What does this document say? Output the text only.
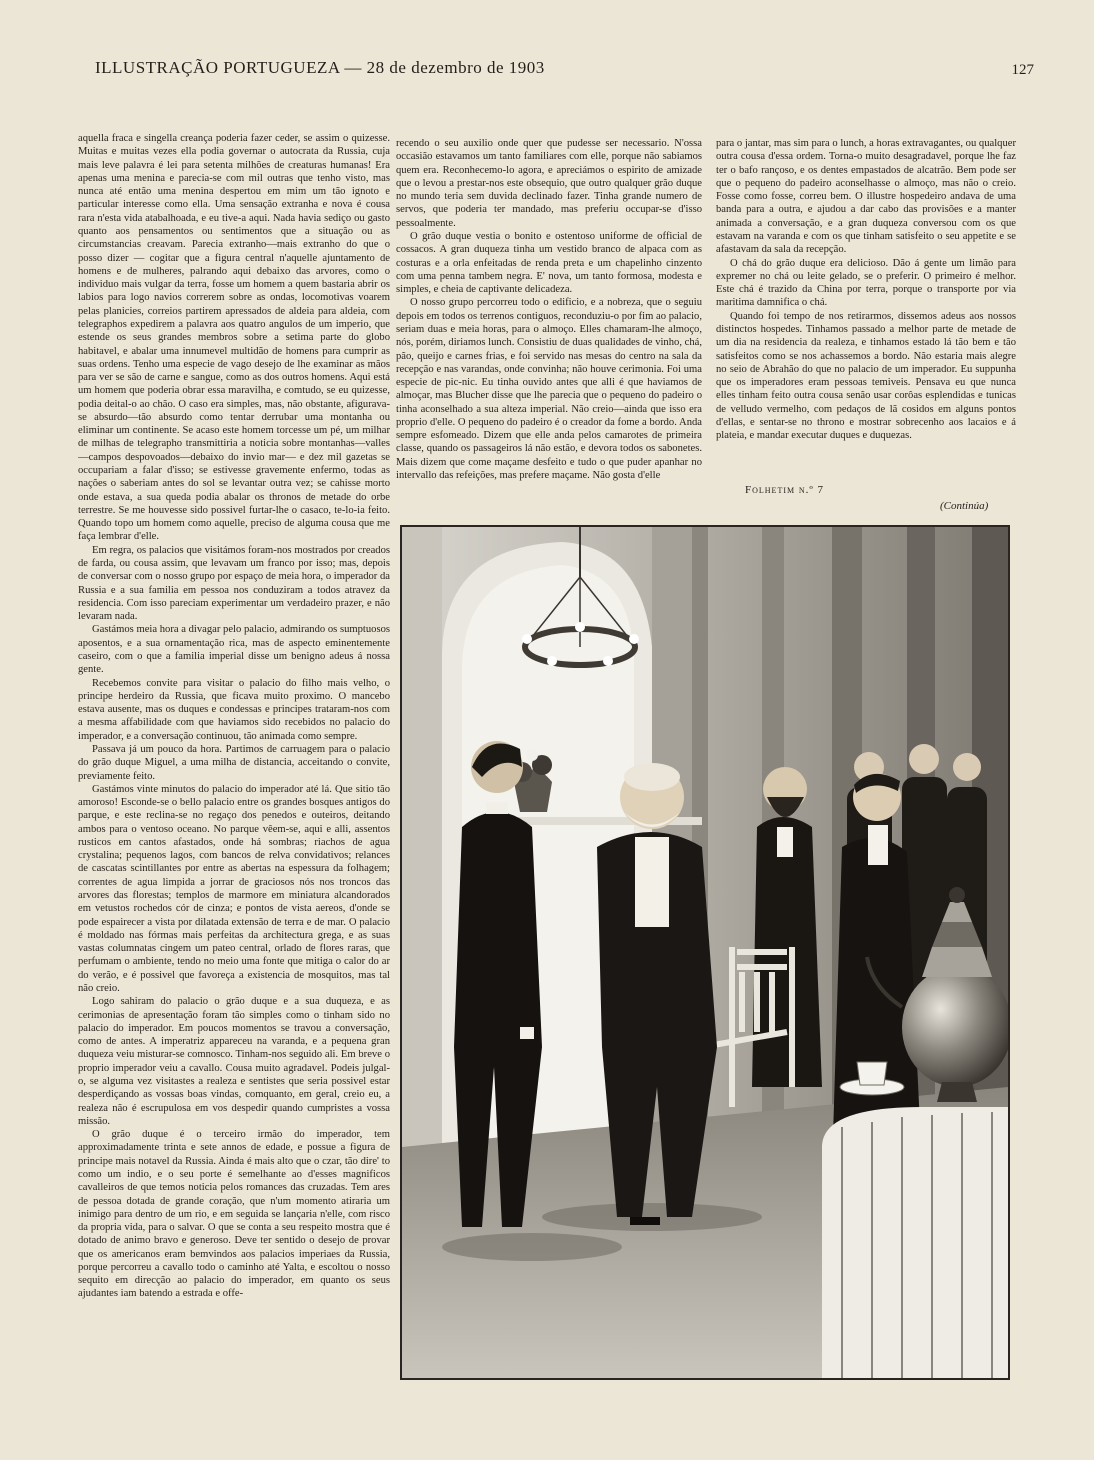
ILLUSTRAÇÃO PORTUGUEZA — 28 de dezembro de 1903	127

aquella fraca e singella creança poderia fazer ceder, se assim o quizesse. Muitas e muitas vezes ella podia governar o autocrata da Russia, cuja mais leve palavra é lei para setenta milhões de creaturas humanas! Era apenas uma menina e parecia-se com mil outras que tenho visto, mas nunca até então uma menina despertou em mim um tão ignoto e particular interesse como ella. Uma sensação extranha e nova é cousa rara n'esta vida atabalhoada, e eu tive-a aqui. Nada havia sediço ou gasto quanto aos pensamentos ou sentimentos que a situação ou as circumstancias creavam. Parecia extranho—mais extranho do que o posso dizer — cogitar que a figura central n'aquelle ajuntamento de homens e de mulheres, palrando aqui debaixo das arvores, como o individuo mais vulgar da terra, fosse um homem a quem bastaria abrir os labios para logo navios correrem sobre as ondas, locomotivas voarem pelas planicies, correios partirem apressados de aldeia para aldeia, com telegraphos expedirem a palavra aos quatro angulos de um imperio, que estende os seus grandes membros sobre a setima parte do globo habitavel, e abalar uma innumevel multidão de homens para cumprir as suas ordens. Tenho uma especie de vago desejo de lhe examinar as mãos para ver se são de carne e sangue, como as dos outros homens. Aqui está um homem que poderia obrar essa maravilha, e comtudo, se eu quizesse, podia deital-o ao chão. O caso era simples, mas, não obstante, afigurava-se absurdo—tão absurdo como tentar derrubar uma montanha ou eliminar um continente. Se acaso este homem torcesse um pé, um milhar de milhas de telegrapho transmittiria a noticia sobre montanhas—valles—campos despovoados—debaixo do invio mar— e dez mil gazetas se occupariam a falar d'isso; se estivesse gravemente enfermo, todas as nações o saberiam antes do sol se levantar outra vez; se cahisse morto onde estava, a sua queda podia abalar os thronos de metade do orbe terrestre. Se me houvesse sido possivel furtar-lhe o casaco, te-lo-ia feito. Quando topo um homem como aquelle, preciso de alguma cousa que me faça lembrar d'elle.

Em regra, os palacios que visitámos foram-nos mostrados por creados de farda, ou cousa assim, que levavam um franco por isso; mas, depois de conversar com o nosso grupo por espaço de meia hora, o imperador da Russia e a sua familia em pessoa nos conduziram a todos atravez da residencia. Com isso pareciam experimentar um verdadeiro prazer, e não levaram nada.

Gastámos meia hora a divagar pelo palacio, admirando os sumptuosos aposentos, e a sua ornamentação rica, mas de aspecto eminentemente caseiro, com o que a familia imperial disse um benigno adeus á nossa gente.

Recebemos convite para visitar o palacio do filho mais velho, o principe herdeiro da Russia, que ficava muito proximo. O mancebo estava ausente, mas os duques e condessas e principes trataram-nos com a mesma affabilidade com que haviamos sido recebidos no palacio do imperador, e a conversação continuou, tão animada como sempre.

Passava já um pouco da hora. Partimos de carruagem para o palacio do grão duque Miguel, a uma milha de distancia, acceitando o convite, previamente feito.

Gastámos vinte minutos do palacio do imperador até lá. Que sitio tão amoroso! Esconde-se o bello palacio entre os grandes bosques antigos do parque, e este reclina-se no regaço dos penedos e outeiros, deitando ambos para o ventoso oceano. No parque vêem-se, aqui e alli, assentos rusticos em cantos afastados, onde há sombras; riachos de agua crystalina; pequenos lagos, com bancos de relva convidativos; relances de cascatas scintillantes por entre as abertas na espessura da folhagem; correntes de agua limpida a jorrar de graciosos nós nos troncos das arvores das florestas; templos de marmore em miniatura alcandorados em vetustos rochedos cór de cinza; e pontos de vista aereos, d'onde se pode espairecer a vista por dilatada extensão de terra e de mar. O palacio é moldado nas fórmas mais perfeitas da architectura grega, e as suas vastas columnatas cingem um pateo central, orlado de flores raras, que perfumam o ambiente, tendo no meio uma fonte que mitiga o calor do ar do verão, e é possivel que favoreça a existencia de mosquitos, mas tal não creio.

Logo sahiram do palacio o grão duque e a sua duqueza, e as cerimonias de apresentação foram tão simples como o tinham sido no palacio do imperador. Em poucos momentos se travou a conversação, como de antes. A imperatriz appareceu na varanda, e a pequena gran duqueza veiu misturar-se comnosco. Tinham-nos seguido ali. Em breve o proprio imperador veiu a cavallo. Cousa muito agradavel. Podeis julgal-o, se alguma vez visitastes a realeza e sentistes que seria possivel estar desperdiçando as vossas boas vindas, comquanto, em geral, creio eu, a realeza não é escrupulosa em vos despedir quando cumpristes a vossa missão.

O grão duque é o terceiro irmão do imperador, tem approximadamente trinta e sete annos de edade, e possue a figura de principe mais notavel da Russia. Ainda é mais alto que o czar, tão dire' to como um indio, e o seu porte é semelhante ao d'esses magnificos cavalleiros de que temos noticia pelos romances das cruzadas. Tem ares de pessoa dotada de grande coração, que n'um momento atiraria um inimigo para dentro de um rio, e em seguida se lançaria n'elle, com risco da propria vida, para o salvar. O que se conta a seu respeito mostra que é dotado de animo bravo e generoso. Deve ter sentido o desejo de provar que os americanos eram bemvindos aos palacios imperiaes da Russia, porque percorreu a cavallo todo o caminho até Yalta, e escoltou o nosso sequito em direcção ao palacio do imperador, em quanto os seus ajudantes iam batendo a estrada e offe-

recendo o seu auxilio onde quer que pudesse ser necessario. N'ossa occasião estavamos um tanto familiares com elle, porque não sabiamos quem era. Reconhecemo-lo agora, e apreciámos o espirito de amizade que o levou a prestar-nos este obsequio, que outro qualquer grão duque no mundo teria sem duvida declinado fazer. Tinha grande numero de servos, que poderia ter mandado, mas preferiu occupar-se d'isso pessoalmente.

O grão duque vestia o bonito e ostentoso uniforme de official de cossacos. A gran duqueza tinha um vestido branco de alpaca com as costuras e a orla enfeitadas de renda preta e um chapelinho cinzento com uma penna tambem negra. E' nova, um tanto formosa, modesta e simples, e cheia de captivante delicadeza.

O nosso grupo percorreu todo o edificio, e a nobreza, que o seguiu depois em todos os terrenos contiguos, reconduziu-o por fim ao palacio, seriam duas e meia horas, para o almoço. Elles chamaram-lhe almoço, nós, porém, diriamos lunch. Consistiu de duas qualidades de vinho, chá, pão, queijo e carnes frias, e foi servido nas mesas do centro na sala da recepção e nas varandas, onde convinha; não houve cerimonia. Foi uma especie de pic-nic. Eu tinha ouvido antes que alli é que haviamos de almoçar, mas Blucher disse que lhe parecia que o pequeno do padeiro o tinha aconselhado a sua alteza imperial. Não creio—ainda que isso era proprio d'elle. O pequeno do padeiro é o creador da fome a bordo. Anda sempre esfomeado. Dizem que elle anda pelos camarotes de primeira classe, quando os passageiros lá não estão, e devora todos os sabonetes. Mais dizem que come maçame desfeito e tudo o que puder apanhar no intervallo das refeições, mas prefere maçame. Não gosta d'elle

para o jantar, mas sim para o lunch, a horas extravagantes, ou qualquer outra cousa d'essa ordem. Torna-o muito desagradavel, porque lhe faz ter o bafo rançoso, e os dentes empastados de alcatrão. Bem pode ser que o pequeno do padeiro aconselhasse o almoço, mas não o creio. Fosse como fosse, correu bem. O illustre hospedeiro andava de uma banda para a outra, e ajudou a dar cabo das provisões e a manter animada a conversação, e a gran duqueza conversou com os que estavam na varanda e com os que tinham satisfeito o seu appetite e se afastavam da sala da recepção.

O chá do grão duque era delicioso. Dão á gente um limão para expremer no chá ou leite gelado, se o preferir. O primeiro é melhor. Este chá é trazido da China por terra, porque o transporte por via maritima damnifica o chá.

Quando foi tempo de nos retirarmos, dissemos adeus aos nossos distinctos hospedes. Tinhamos passado a melhor parte de metade de um dia na residencia da realeza, e tinhamos estado lá tão bem e tão satisfeitos como se nos achassemos a bordo. Não estaria mais alegre no seio de Abrahão do que no palacio de um imperador. Eu suppunha que os imperadores eram pessoas temiveis. Pensava eu que nunca elles tinham feito outra cousa senão usar corôas esplendidas e tunicas de velludo vermelho, com pedaços de lã cosidos em alguns pontos d'ellas, e sentar-se no throno e mostrar sobrecenho aos lacaios e á plateia, e mandar executar duques e duquezas.

Folhetim n.º 7
(Continúa)
